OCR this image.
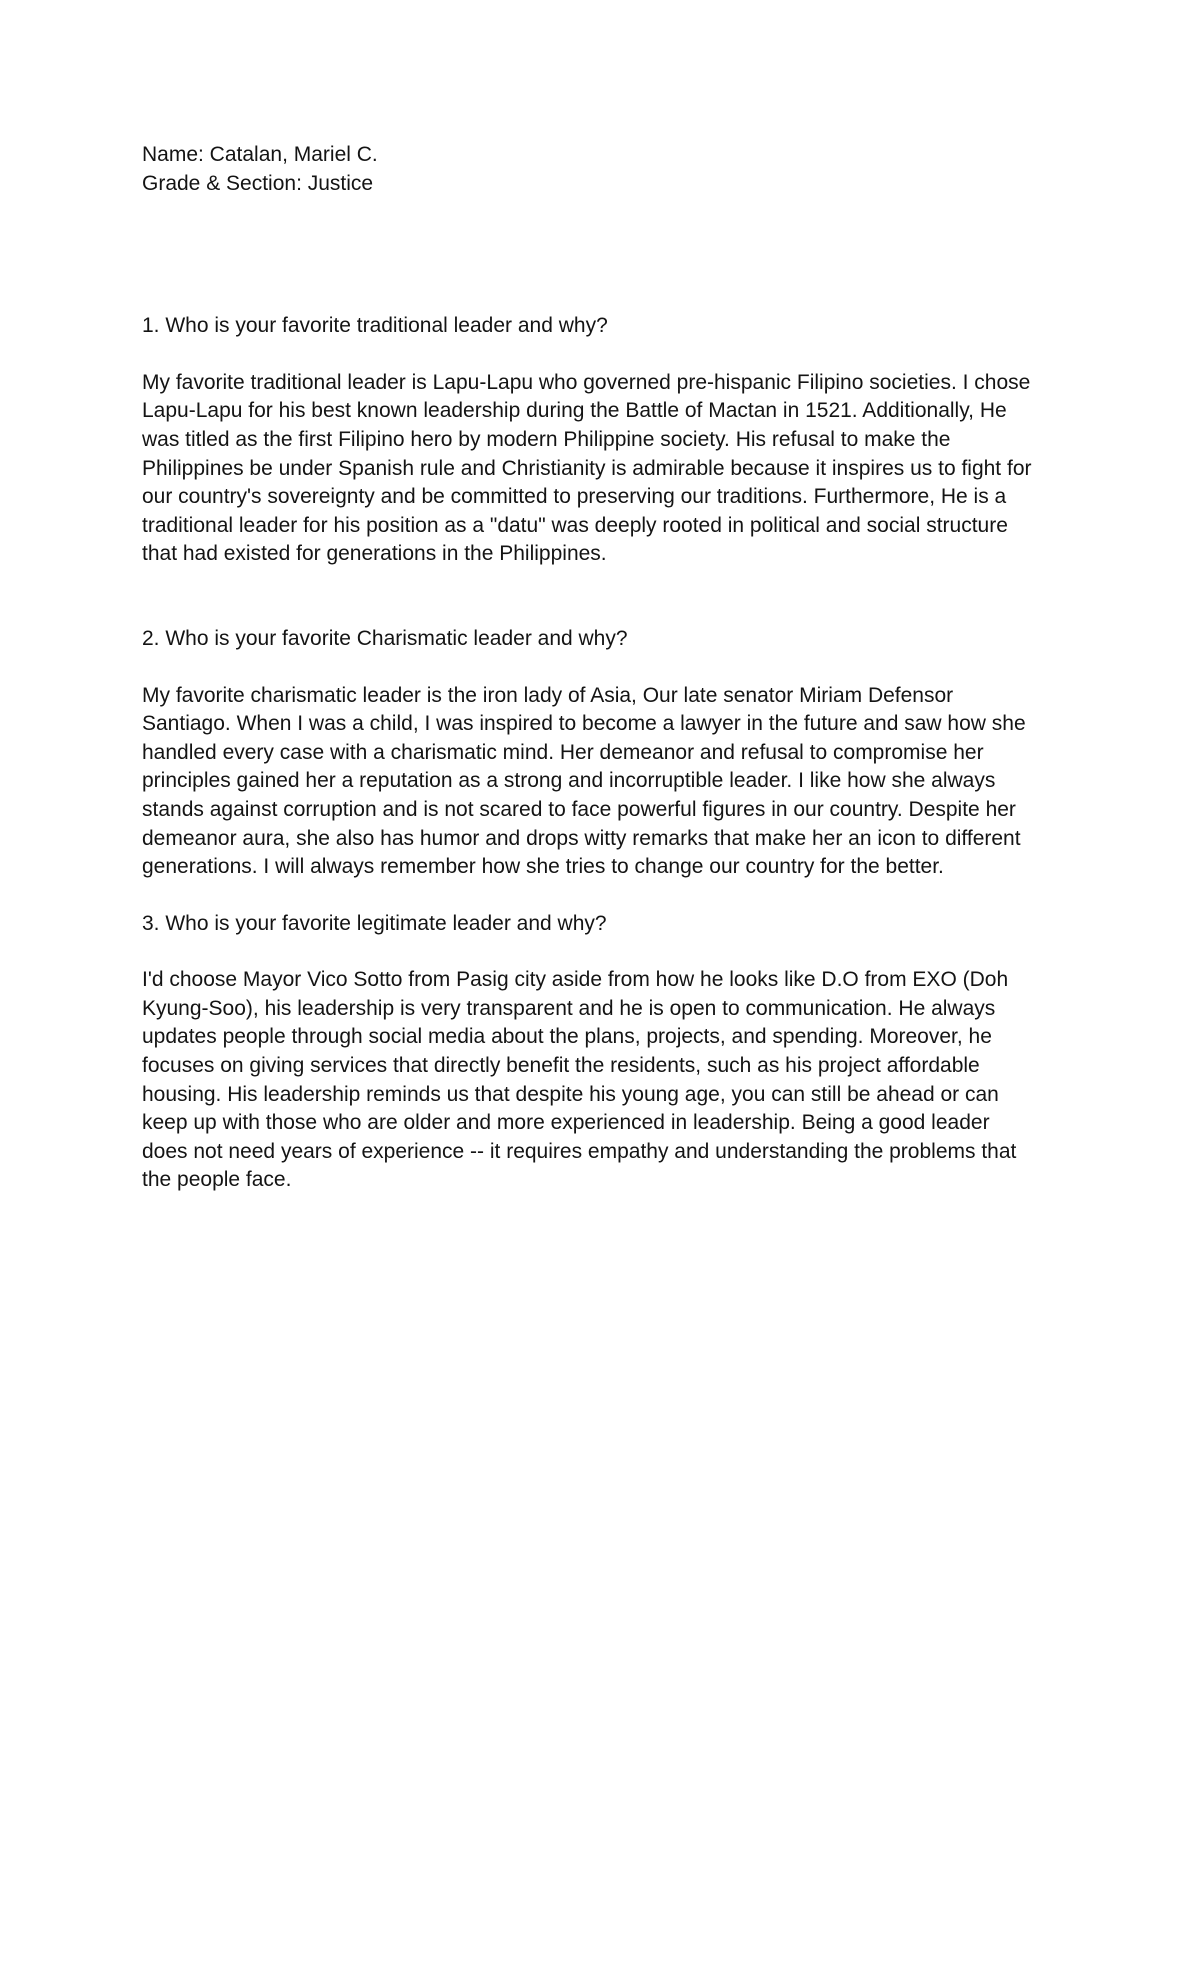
Name: Catalan, Mariel C.
Grade & Section: Justice
1. Who is your favorite traditional leader and why?
My favorite traditional leader is Lapu-Lapu who governed pre-hispanic Filipino societies. I chose
Lapu-Lapu for his best known leadership during the Battle of Mactan in 1521. Additionally, He
was titled as the first Filipino hero by modern Philippine society. His refusal to make the
Philippines be under Spanish rule and Christianity is admirable because it inspires us to fight for
our country's sovereignty and be committed to preserving our traditions. Furthermore, He is a
traditional leader for his position as a "datu" was deeply rooted in political and social structure
that had existed for generations in the Philippines.
2. Who is your favorite Charismatic leader and why?
My favorite charismatic leader is the iron lady of Asia, Our late senator Miriam Defensor
Santiago. When I was a child, I was inspired to become a lawyer in the future and saw how she
handled every case with a charismatic mind. Her demeanor and refusal to compromise her
principles gained her a reputation as a strong and incorruptible leader. I like how she always
stands against corruption and is not scared to face powerful figures in our country. Despite her
demeanor aura, she also has humor and drops witty remarks that make her an icon to different
generations. I will always remember how she tries to change our country for the better.
3. Who is your favorite legitimate leader and why?
I'd choose Mayor Vico Sotto from Pasig city aside from how he looks like D.O from EXO (Doh
Kyung-Soo), his leadership is very transparent and he is open to communication. He always
updates people through social media about the plans, projects, and spending. Moreover, he
focuses on giving services that directly benefit the residents, such as his project affordable
housing. His leadership reminds us that despite his young age, you can still be ahead or can
keep up with those who are older and more experienced in leadership. Being a good leader
does not need years of experience -- it requires empathy and understanding the problems that
the people face.
